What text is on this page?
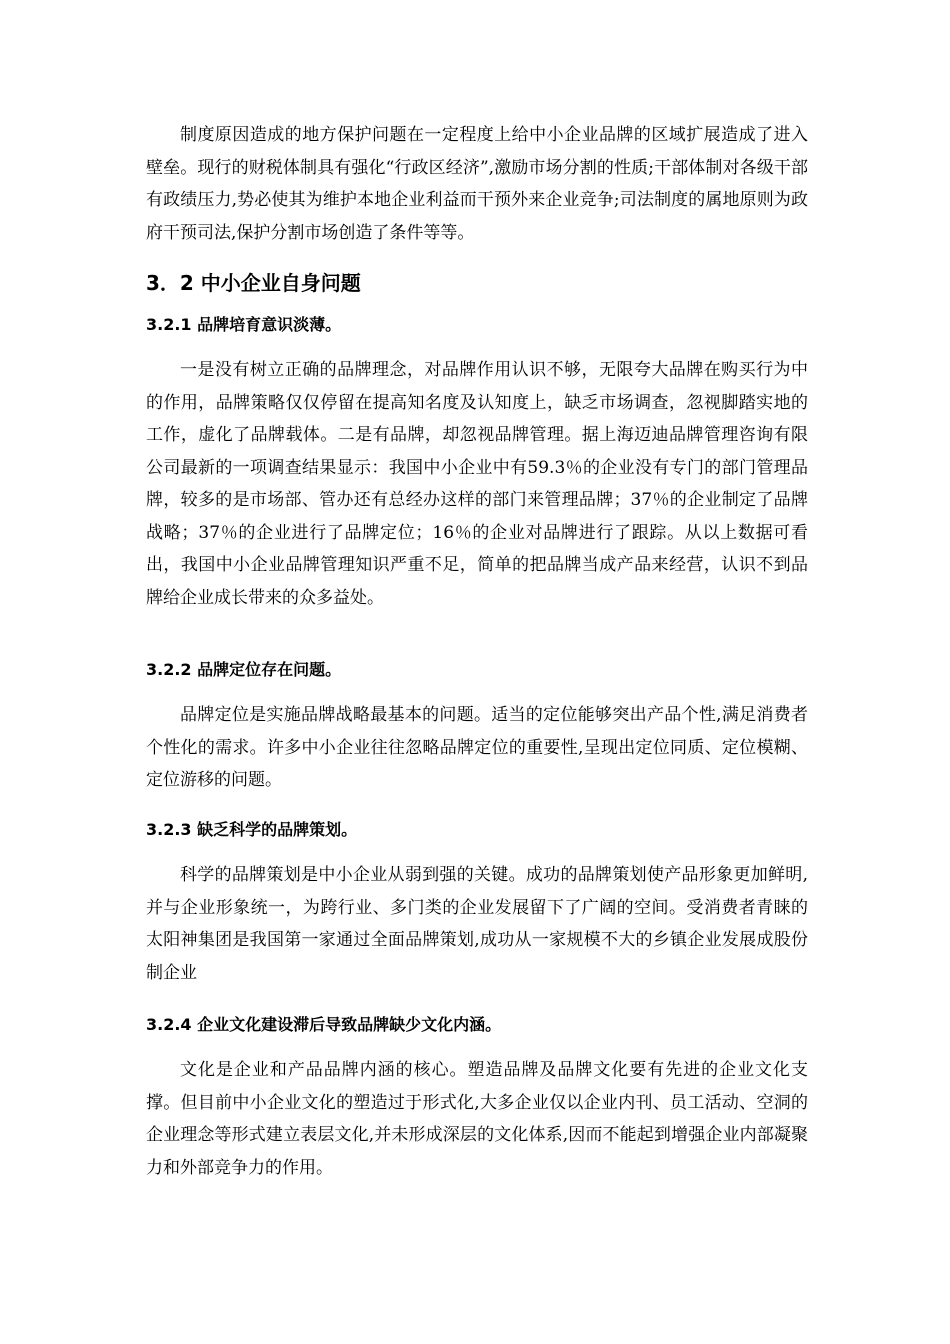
制度原因造成的地方保护问题在一定程度上给中小企业品牌的区域扩展造成了进入壁垒。现行的财税体制具有强化“行政区经济”,激励市场分割的性质;干部体制对各级干部有政绩压力,势必使其为维护本地企业利益而干预外来企业竞争;司法制度的属地原则为政府干预司法,保护分割市场创造了条件等等。

3．2 中小企业自身问题
3.2.1 品牌培育意识淡薄。

一是没有树立正确的品牌理念，对品牌作用认识不够，无限夸大品牌在购买行为中的作用，品牌策略仅仅停留在提高知名度及认知度上，缺乏市场调查，忽视脚踏实地的工作，虚化了品牌载体。二是有品牌，却忽视品牌管理。据上海迈迪品牌管理咨询有限公司最新的一项调查结果显示：我国中小企业中有59.3％的企业没有专门的部门管理品牌，较多的是市场部、管办还有总经办这样的部门来管理品牌；37％的企业制定了品牌战略；37％的企业进行了品牌定位；16％的企业对品牌进行了跟踪。从以上数据可看出，我国中小企业品牌管理知识严重不足，简单的把品牌当成产品来经营，认识不到品牌给企业成长带来的众多益处。

3.2.2 品牌定位存在问题。

品牌定位是实施品牌战略最基本的问题。适当的定位能够突出产品个性,满足消费者个性化的需求。许多中小企业往往忽略品牌定位的重要性,呈现出定位同质、定位模糊、定位游移的问题。

3.2.3 缺乏科学的品牌策划。

科学的品牌策划是中小企业从弱到强的关键。成功的品牌策划使产品形象更加鲜明,并与企业形象统一，为跨行业、多门类的企业发展留下了广阔的空间。受消费者青睐的太阳神集团是我国第一家通过全面品牌策划,成功从一家规模不大的乡镇企业发展成股份制企业

3.2.4 企业文化建设滞后导致品牌缺少文化内涵。

文化是企业和产品品牌内涵的核心。塑造品牌及品牌文化要有先进的企业文化支撑。但目前中小企业文化的塑造过于形式化,大多企业仅以企业内刊、员工活动、空洞的企业理念等形式建立表层文化,并未形成深层的文化体系,因而不能起到增强企业内部凝聚力和外部竞争力的作用。
